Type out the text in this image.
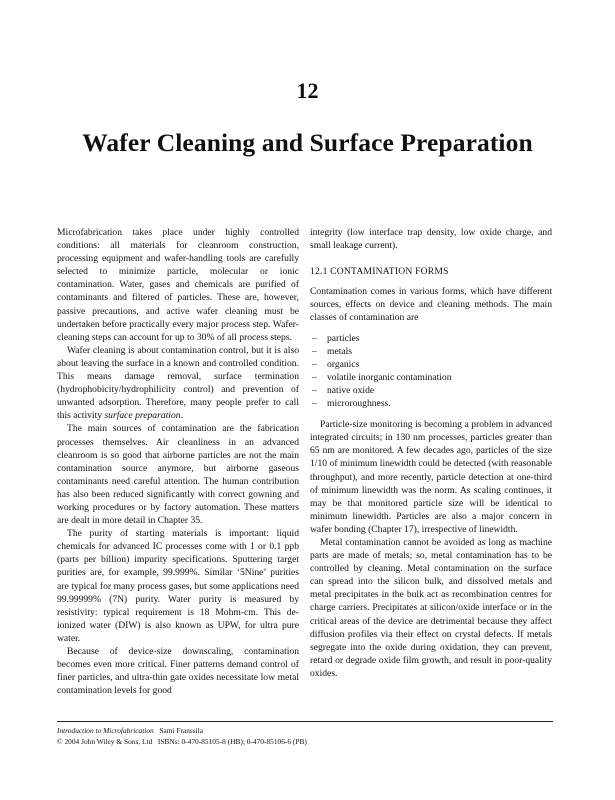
12
Wafer Cleaning and Surface Preparation

Microfabrication takes place under highly controlled conditions: all materials for cleanroom construction, processing equipment and wafer-handling tools are carefully selected to minimize particle, molecular or ionic contamination. Water, gases and chemicals are purified of contaminants and filtered of particles. These are, however, passive precautions, and active wafer cleaning must be undertaken before practically every major process step. Wafer-cleaning steps can account for up to 30% of all process steps.

Wafer cleaning is about contamination control, but it is also about leaving the surface in a known and controlled condition. This means damage removal, surface termination (hydrophobicity/hydrophilicity control) and prevention of unwanted adsorption. Therefore, many people prefer to call this activity surface preparation.

The main sources of contamination are the fabrication processes themselves. Air cleanliness in an advanced cleanroom is so good that airborne particles are not the main contamination source anymore, but airborne gaseous contaminants need careful attention. The human contribution has also been reduced significantly with correct gowning and working procedures or by factory automation. These matters are dealt in more detail in Chapter 35.

The purity of starting materials is important: liquid chemicals for advanced IC processes come with 1 or 0.1 ppb (parts per billion) impurity specifications. Sputtering target purities are, for example, 99.999%. Similar ‘5Nine’ purities are typical for many process gases, but some applications need 99.99999% (7N) purity. Water purity is measured by resistivity: typical requirement is 18 Mohm-cm. This de-ionized water (DIW) is also known as UPW, for ultra pure water.

Because of device-size downscaling, contamination becomes even more critical. Finer patterns demand control of finer particles, and ultra-thin gate oxides necessitate low metal contamination levels for good

integrity (low interface trap density, low oxide charge, and small leakage current).

12.1 CONTAMINATION FORMS

Contamination comes in various forms, which have different sources, effects on device and cleaning methods. The main classes of contamination are

– particles
– metals
– organics
– volatile inorganic contamination
– native oxide
– microroughness.

Particle-size monitoring is becoming a problem in advanced integrated circuits; in 130 nm processes, particles greater than 65 nm are monitored. A few decades ago, particles of the size 1/10 of minimum linewidth could be detected (with reasonable throughput), and more recently, particle detection at one-third of minimum linewidth was the norm. As scaling continues, it may be that monitored particle size will be identical to minimum linewidth. Particles are also a major concern in wafer bonding (Chapter 17), irrespective of linewidth.

Metal contamination cannot be avoided as long as machine parts are made of metals; so, metal contamination has to be controlled by cleaning. Metal contamination on the surface can spread into the silicon bulk, and dissolved metals and metal precipitates in the bulk act as recombination centres for charge carriers. Precipitates at silicon/oxide interface or in the critical areas of the device are detrimental because they affect diffusion profiles via their effect on crystal defects. If metals segregate into the oxide during oxidation, they can prevent, retard or degrade oxide film growth, and result in poor-quality oxides.

Introduction to Microfabrication Sami Franssila

© 2004 John Wiley & Sons, Ltd ISBNs: 0-470-85105-8 (HB); 0-470-85106-6 (PB)
